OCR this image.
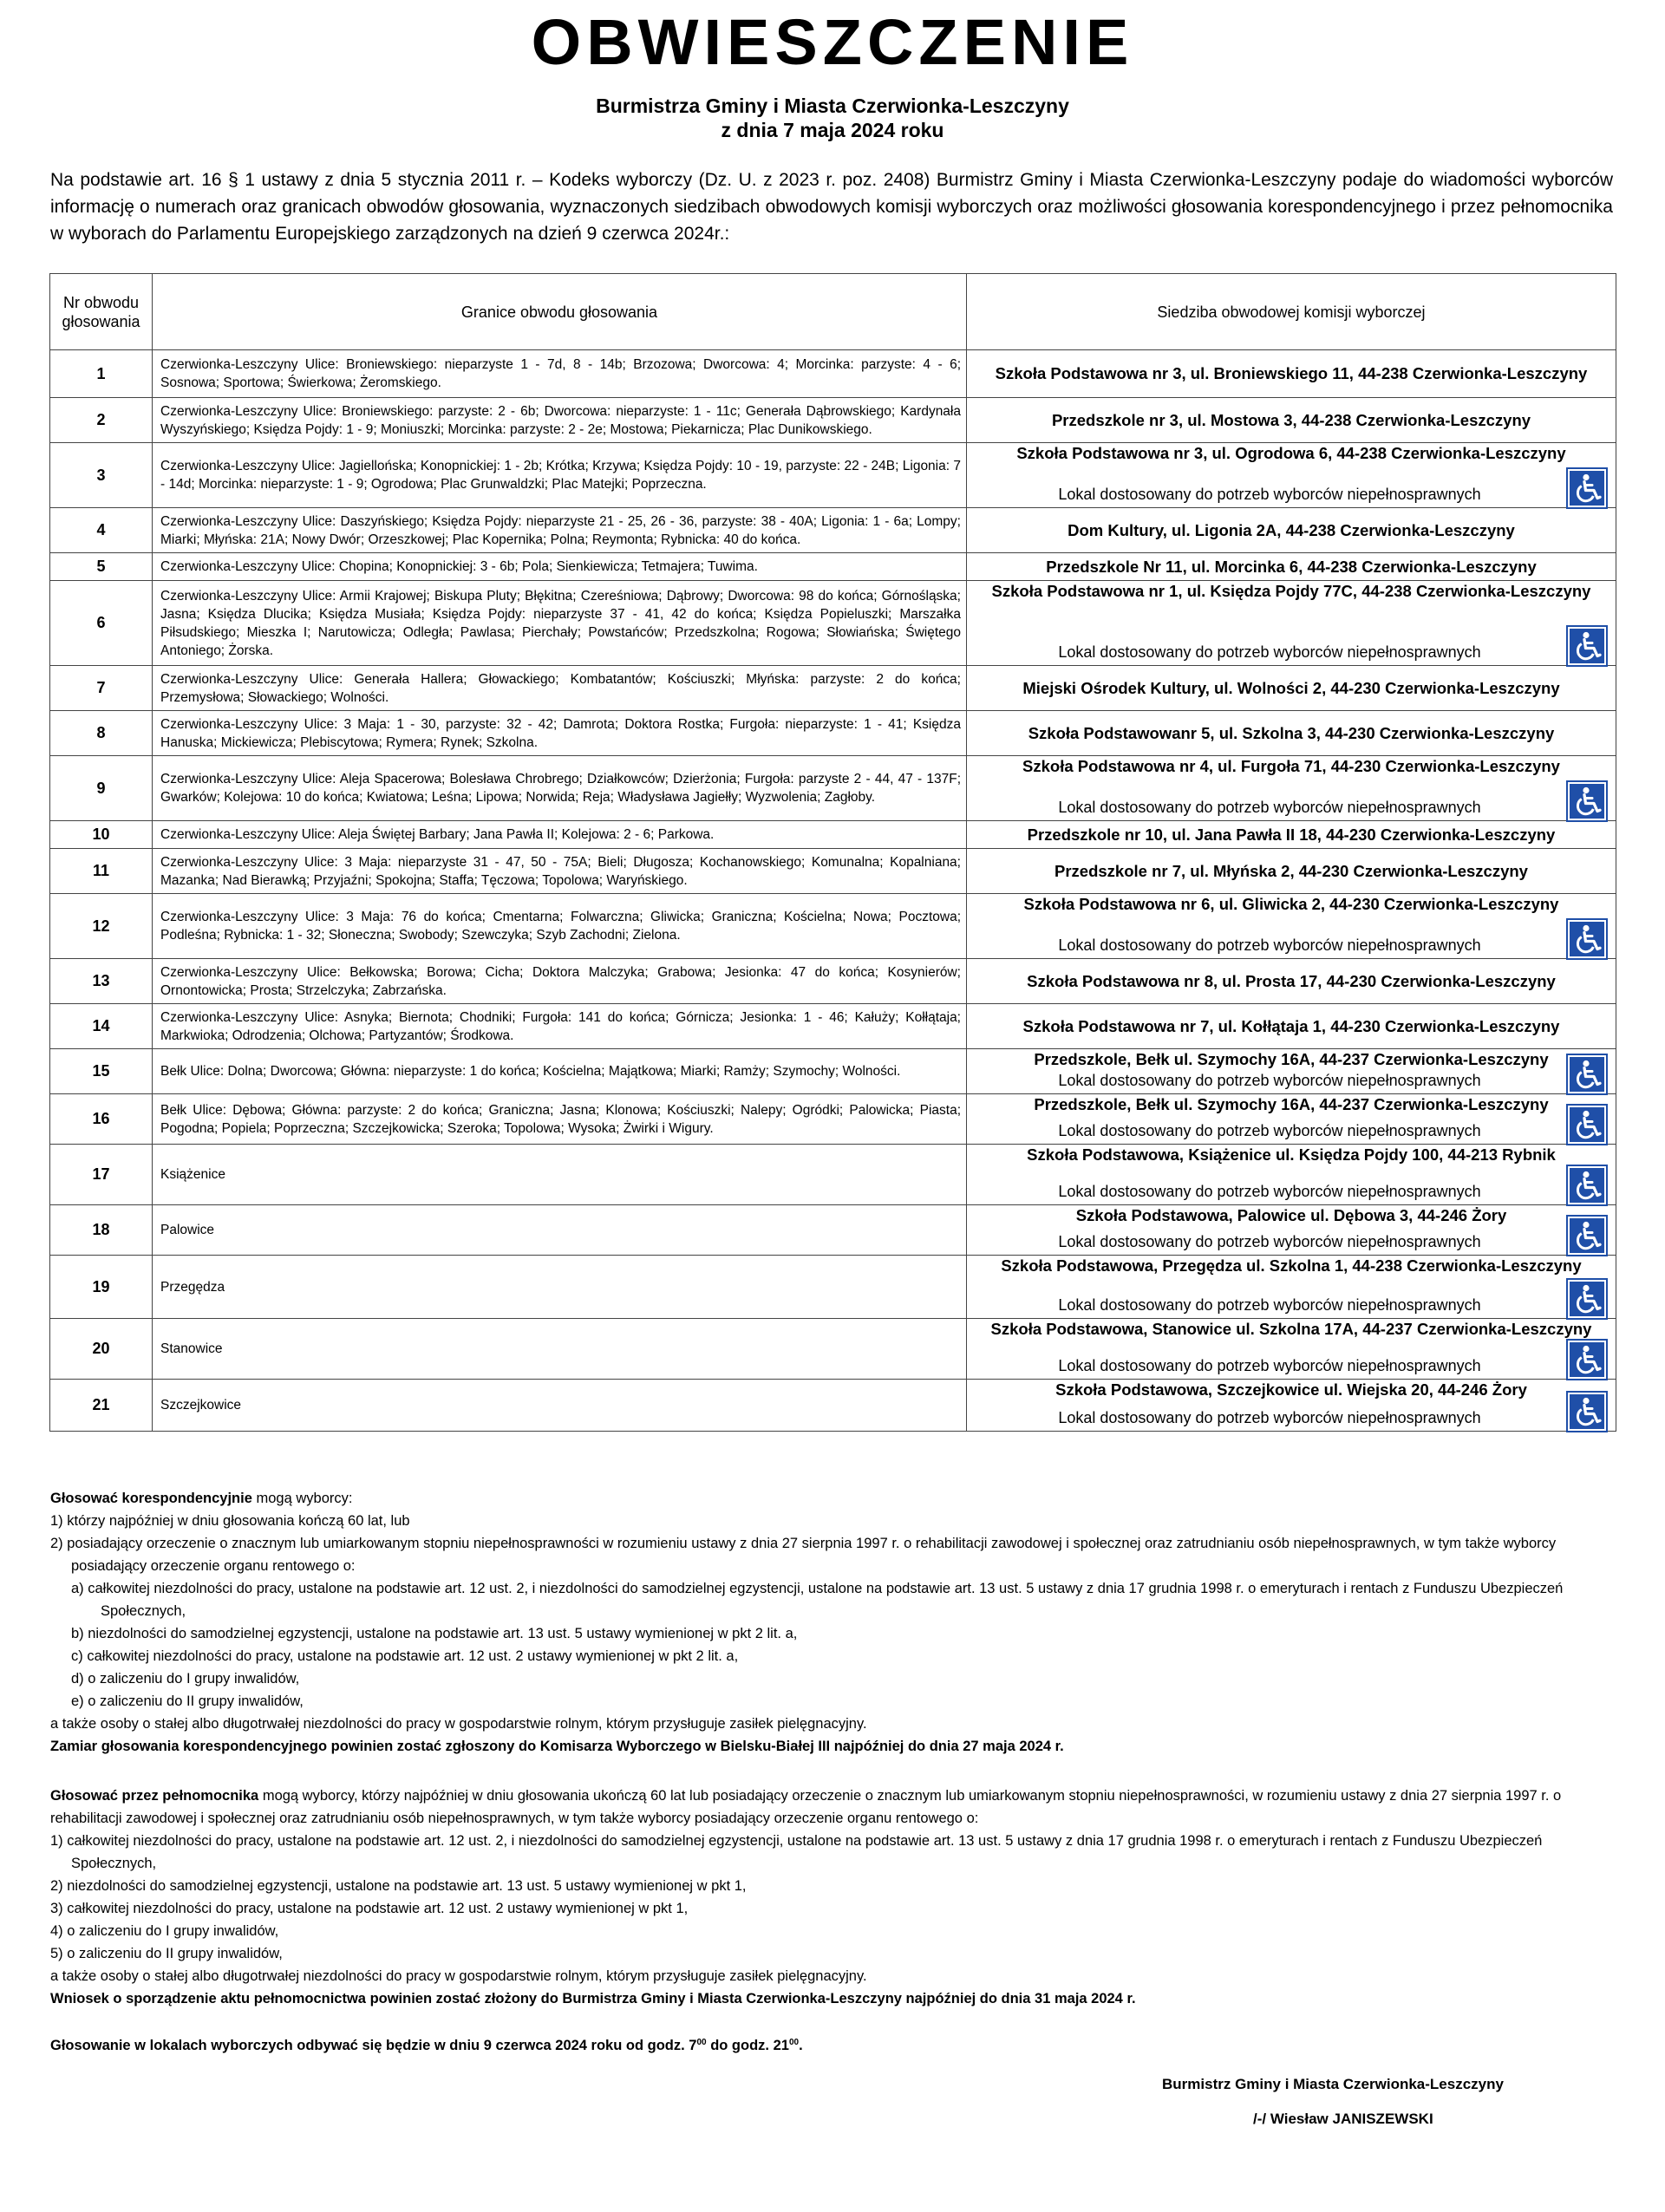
OBWIESZCZENIE
Burmistrza Gminy i Miasta Czerwionka-Leszczyny
z dnia 7 maja 2024 roku
Na podstawie art. 16 § 1 ustawy z dnia 5 stycznia 2011 r. – Kodeks wyborczy (Dz. U. z 2023 r. poz. 2408) Burmistrz Gminy i Miasta Czerwionka-Leszczyny podaje do wiadomości wyborców informację o numerach oraz granicach obwodów głosowania, wyznaczonych siedzibach obwodowych komisji wyborczych oraz możliwości głosowania korespondencyjnego i przez pełnomocnika w wyborach do Parlamentu Europejskiego zarządzonych na dzień 9 czerwca 2024r.:
Nr obwodu głosowania	Granice obwodu głosowania	Siedziba obwodowej komisji wyborczej
1	Czerwionka-Leszczyny Ulice: Broniewskiego: nieparzyste 1 - 7d, 8 - 14b; Brzozowa; Dworcowa: 4; Morcinka: parzyste: 4 - 6; Sosnowa; Sportowa; Świerkowa; Żeromskiego.	Szkoła Podstawowa nr 3, ul. Broniewskiego 11, 44-238 Czerwionka-Leszczyny

2	Czerwionka-Leszczyny Ulice: Broniewskiego: parzyste: 2 - 6b; Dworcowa: nieparzyste: 1 - 11c; Generała Dąbrowskiego; Kardynała Wyszyńskiego; Księdza Pojdy: 1 - 9; Moniuszki; Morcinka: parzyste: 2 - 2e; Mostowa; Piekarnicza; Plac Dunikowskiego.	Przedszkole nr 3, ul. Mostowa 3, 44-238 Czerwionka-Leszczyny

3	Czerwionka-Leszczyny Ulice: Jagiellońska; Konopnickiej: 1 - 2b; Krótka; Krzywa; Księdza Pojdy: 10 - 19, parzyste: 22 - 24B; Ligonia: 7 - 14d; Morcinka: nieparzyste: 1 - 9; Ogrodowa; Plac Grunwaldzki; Plac Matejki; Poprzeczna.	Szkoła Podstawowa nr 3, ul. Ogrodowa 6, 44-238 Czerwionka-Leszczyny
Lokal dostosowany do potrzeb wyborców niepełnosprawnych

4	Czerwionka-Leszczyny Ulice: Daszyńskiego; Księdza Pojdy: nieparzyste 21 - 25, 26 - 36, parzyste: 38 - 40A; Ligonia: 1 - 6a; Lompy; Miarki; Młyńska: 21A; Nowy Dwór; Orzeszkowej; Plac Kopernika; Polna; Reymonta; Rybnicka: 40 do końca.	Dom Kultury, ul. Ligonia 2A, 44-238 Czerwionka-Leszczyny

5	Czerwionka-Leszczyny Ulice: Chopina; Konopnickiej: 3 - 6b; Pola; Sienkiewicza; Tetmajera; Tuwima.	Przedszkole Nr 11, ul. Morcinka 6, 44-238 Czerwionka-Leszczyny

6	Czerwionka-Leszczyny Ulice: Armii Krajowej; Biskupa Pluty; Błękitna; Czereśniowa; Dąbrowy; Dworcowa: 98 do końca; Górnośląska; Jasna; Księdza Dlucika; Księdza Musiała; Księdza Pojdy: nieparzyste 37 - 41, 42 do końca; Księdza Popieluszki; Marszałka Piłsudskiego; Mieszka I; Narutowicza; Odległa; Pawlasa; Pierchały; Powstańców; Przedszkolna; Rogowa; Słowiańska; Świętego Antoniego; Żorska.	Szkoła Podstawowa nr 1, ul. Księdza Pojdy 77C, 44-238 Czerwionka-Leszczyny
Lokal dostosowany do potrzeb wyborców niepełnosprawnych

7	Czerwionka-Leszczyny Ulice: Generała Hallera; Głowackiego; Kombatantów; Kościuszki; Młyńska: parzyste: 2 do końca; Przemysłowa; Słowackiego; Wolności.	Miejski Ośrodek Kultury, ul. Wolności 2, 44-230 Czerwionka-Leszczyny

8	Czerwionka-Leszczyny Ulice: 3 Maja: 1 - 30, parzyste: 32 - 42; Damrota; Doktora Rostka; Furgoła: nieparzyste: 1 - 41; Księdza Hanuska; Mickiewicza; Plebiscytowa; Rymera; Rynek; Szkolna.	Szkoła Podstawowanr 5, ul. Szkolna 3, 44-230 Czerwionka-Leszczyny

9	Czerwionka-Leszczyny Ulice: Aleja Spacerowa; Bolesława Chrobrego; Działkowców; Dzierżonia; Furgoła: parzyste 2 - 44, 47 - 137F; Gwarków; Kolejowa: 10 do końca; Kwiatowa; Leśna; Lipowa; Norwida; Reja; Władysława Jagiełły; Wyzwolenia; Zagłoby.	Szkoła Podstawowa nr 4, ul. Furgoła 71, 44-230 Czerwionka-Leszczyny
Lokal dostosowany do potrzeb wyborców niepełnosprawnych

10	Czerwionka-Leszczyny Ulice: Aleja Świętej Barbary; Jana Pawła II; Kolejowa: 2 - 6; Parkowa.	Przedszkole nr 10, ul. Jana Pawła II 18, 44-230 Czerwionka-Leszczyny

11	Czerwionka-Leszczyny Ulice: 3 Maja: nieparzyste 31 - 47, 50 - 75A; Bieli; Długosza; Kochanowskiego; Komunalna; Kopalniana; Mazanka; Nad Bierawką; Przyjaźni; Spokojna; Staffa; Tęczowa; Topolowa; Waryńskiego.	Przedszkole nr 7, ul. Młyńska 2, 44-230 Czerwionka-Leszczyny

12	Czerwionka-Leszczyny Ulice: 3 Maja: 76 do końca; Cmentarna; Folwarczna; Gliwicka; Graniczna; Kościelna; Nowa; Pocztowa; Podleśna; Rybnicka: 1 - 32; Słoneczna; Swobody; Szewczyka; Szyb Zachodni; Zielona.	Szkoła Podstawowa nr 6, ul. Gliwicka 2, 44-230 Czerwionka-Leszczyny
Lokal dostosowany do potrzeb wyborców niepełnosprawnych

13	Czerwionka-Leszczyny Ulice: Bełkowska; Borowa; Cicha; Doktora Malczyka; Grabowa; Jesionka: 47 do końca; Kosynierów; Ornontowicka; Prosta; Strzelczyka; Zabrzańska.	Szkoła Podstawowa nr 8, ul. Prosta 17, 44-230 Czerwionka-Leszczyny

14	Czerwionka-Leszczyny Ulice: Asnyka; Biernota; Chodniki; Furgoła: 141 do końca; Górnicza; Jesionka: 1 - 46; Kałuży; Kołłątaja; Markwioka; Odrodzenia; Olchowa; Partyzantów; Środkowa.	Szkoła Podstawowa nr 7, ul. Kołłątaja 1, 44-230 Czerwionka-Leszczyny

15	Bełk Ulice: Dolna; Dworcowa; Główna: nieparzyste: 1 do końca; Kościelna; Majątkowa; Miarki; Ramży; Szymochy; Wolności.	Przedszkole, Bełk ul. Szymochy 16A, 44-237 Czerwionka-Leszczyny
Lokal dostosowany do potrzeb wyborców niepełnosprawnych

16	Bełk Ulice: Dębowa; Główna: parzyste: 2 do końca; Graniczna; Jasna; Klonowa; Kościuszki; Nalepy; Ogródki; Palowicka; Piasta; Pogodna; Popiela; Poprzeczna; Szczejkowicka; Szeroka; Topolowa; Wysoka; Żwirki i Wigury.	Przedszkole, Bełk ul. Szymochy 16A, 44-237 Czerwionka-Leszczyny
Lokal dostosowany do potrzeb wyborców niepełnosprawnych

17	Książenice	Szkoła Podstawowa, Książenice ul. Księdza Pojdy 100, 44-213 Rybnik
Lokal dostosowany do potrzeb wyborców niepełnosprawnych

18	Palowice	Szkoła Podstawowa, Palowice ul. Dębowa 3, 44-246 Żory
Lokal dostosowany do potrzeb wyborców niepełnosprawnych

19	Przegędza	Szkoła Podstawowa, Przegędza ul. Szkolna 1, 44-238 Czerwionka-Leszczyny
Lokal dostosowany do potrzeb wyborców niepełnosprawnych

20	Stanowice	Szkoła Podstawowa, Stanowice ul. Szkolna 17A, 44-237 Czerwionka-Leszczyny
Lokal dostosowany do potrzeb wyborców niepełnosprawnych

21	Szczejkowice	Szkoła Podstawowa, Szczejkowice ul. Wiejska 20, 44-246 Żory
Lokal dostosowany do potrzeb wyborców niepełnosprawnych

Głosować korespondencyjnie mogą wyborcy:

1) którzy najpóźniej w dniu głosowania kończą 60 lat, lub

2) posiadający orzeczenie o znacznym lub umiarkowanym stopniu niepełnosprawności w rozumieniu ustawy z dnia 27 sierpnia 1997 r. o rehabilitacji zawodowej i społecznej oraz zatrudnianiu osób niepełnosprawnych, w tym także wyborcy posiadający orzeczenie organu rentowego o:

a) całkowitej niezdolności do pracy, ustalone na podstawie art. 12 ust. 2, i niezdolności do samodzielnej egzystencji, ustalone na podstawie art. 13 ust. 5 ustawy z dnia 17 grudnia 1998 r. o emeryturach i rentach z Funduszu Ubezpieczeń Społecznych,

b) niezdolności do samodzielnej egzystencji, ustalone na podstawie art. 13 ust. 5 ustawy wymienionej w pkt 2 lit. a,

c) całkowitej niezdolności do pracy, ustalone na podstawie art. 12 ust. 2 ustawy wymienionej w pkt 2 lit. a,

d) o zaliczeniu do I grupy inwalidów,

e) o zaliczeniu do II grupy inwalidów,

a także osoby o stałej albo długotrwałej niezdolności do pracy w gospodarstwie rolnym, którym przysługuje zasiłek pielęgnacyjny.

Zamiar głosowania korespondencyjnego powinien zostać zgłoszony do Komisarza Wyborczego w Bielsku-Białej III najpóźniej do dnia 27 maja 2024 r.

Głosować przez pełnomocnika mogą wyborcy, którzy najpóźniej w dniu głosowania ukończą 60 lat lub posiadający orzeczenie o znacznym lub umiarkowanym stopniu niepełnosprawności, w rozumieniu ustawy z dnia 27 sierpnia 1997 r. o rehabilitacji zawodowej i społecznej oraz zatrudnianiu osób niepełnosprawnych, w tym także wyborcy posiadający orzeczenie organu rentowego o:

1) całkowitej niezdolności do pracy, ustalone na podstawie art. 12 ust. 2, i niezdolności do samodzielnej egzystencji, ustalone na podstawie art. 13 ust. 5 ustawy z dnia 17 grudnia 1998 r. o emeryturach i rentach z Funduszu Ubezpieczeń Społecznych,

2) niezdolności do samodzielnej egzystencji, ustalone na podstawie art. 13 ust. 5 ustawy wymienionej w pkt 1,

3) całkowitej niezdolności do pracy, ustalone na podstawie art. 12 ust. 2 ustawy wymienionej w pkt 1,

4) o zaliczeniu do I grupy inwalidów,

5) o zaliczeniu do II grupy inwalidów,

a także osoby o stałej albo długotrwałej niezdolności do pracy w gospodarstwie rolnym, którym przysługuje zasiłek pielęgnacyjny.

Wniosek o sporządzenie aktu pełnomocnictwa powinien zostać złożony do Burmistrza Gminy i Miasta Czerwionka-Leszczyny najpóźniej do dnia 31 maja 2024 r.

Głosowanie w lokalach wyborczych odbywać się będzie w dniu 9 czerwca 2024 roku od godz. $7^{00}$ do godz. $21^{00}$.
Burmistrz Gminy i Miasta Czerwionka-Leszczyny
/-/ Wiesław JANISZEWSKI
